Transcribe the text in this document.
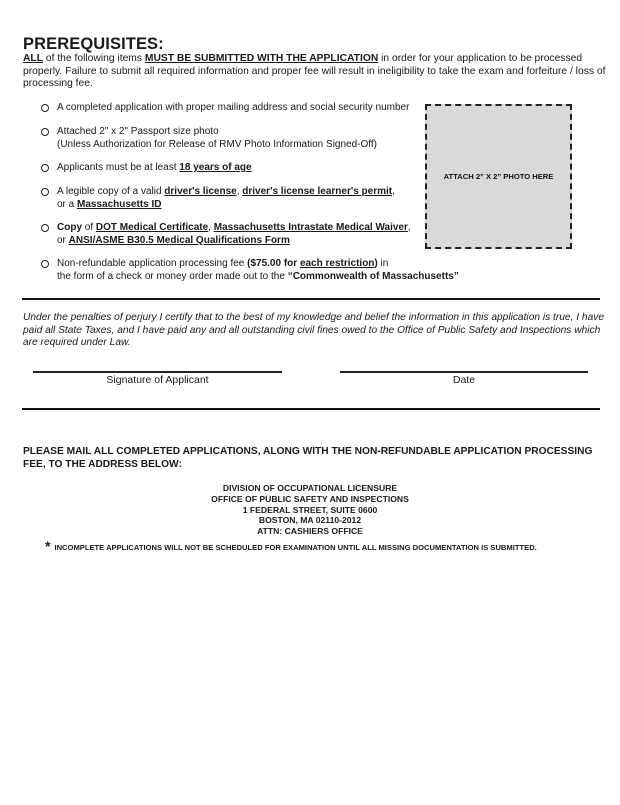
PREREQUISITES:
ALL of the following items MUST BE SUBMITTED WITH THE APPLICATION in order for your application to be processed properly. Failure to submit all required information and proper fee will result in ineligibility to take the exam and forfeiture / loss of processing fee.
A completed application with proper mailing address and social security number
Attached 2" x 2" Passport size photo
(Unless Authorization for Release of RMV Photo Information Signed-Off)
Applicants must be at least 18 years of age
A legible copy of a valid driver's license, driver's license learner's permit,
or a Massachusetts ID
Copy of DOT Medical Certificate, Massachusetts Intrastate Medical Waiver,
or ANSI/ASME B30.5 Medical Qualifications Form
Non-refundable application processing fee ($75.00 for each restriction) in
the form of a check or money order made out to the “Commonwealth of Massachusetts”
ATTACH 2” X 2” PHOTO HERE
Under the penalties of perjury I certify that to the best of my knowledge and belief the information in this application is true, I have paid all State Taxes, and I have paid any and all outstanding civil fines owed to the Office of Public Safety and Inspections which are required under Law.
Signature of Applicant	Date
PLEASE MAIL ALL COMPLETED APPLICATIONS, ALONG WITH THE NON-REFUNDABLE APPLICATION PROCESSING FEE, TO THE ADDRESS BELOW:
DIVISION OF OCCUPATIONAL LICENSURE
OFFICE OF PUBLIC SAFETY AND INSPECTIONS
1 FEDERAL STREET, SUITE 0600
BOSTON, MA 02110-2012
ATTN: CASHIERS OFFICE
* INCOMPLETE APPLICATIONS WILL NOT BE SCHEDULED FOR EXAMINATION UNTIL ALL MISSING DOCUMENTATION IS SUBMITTED.
